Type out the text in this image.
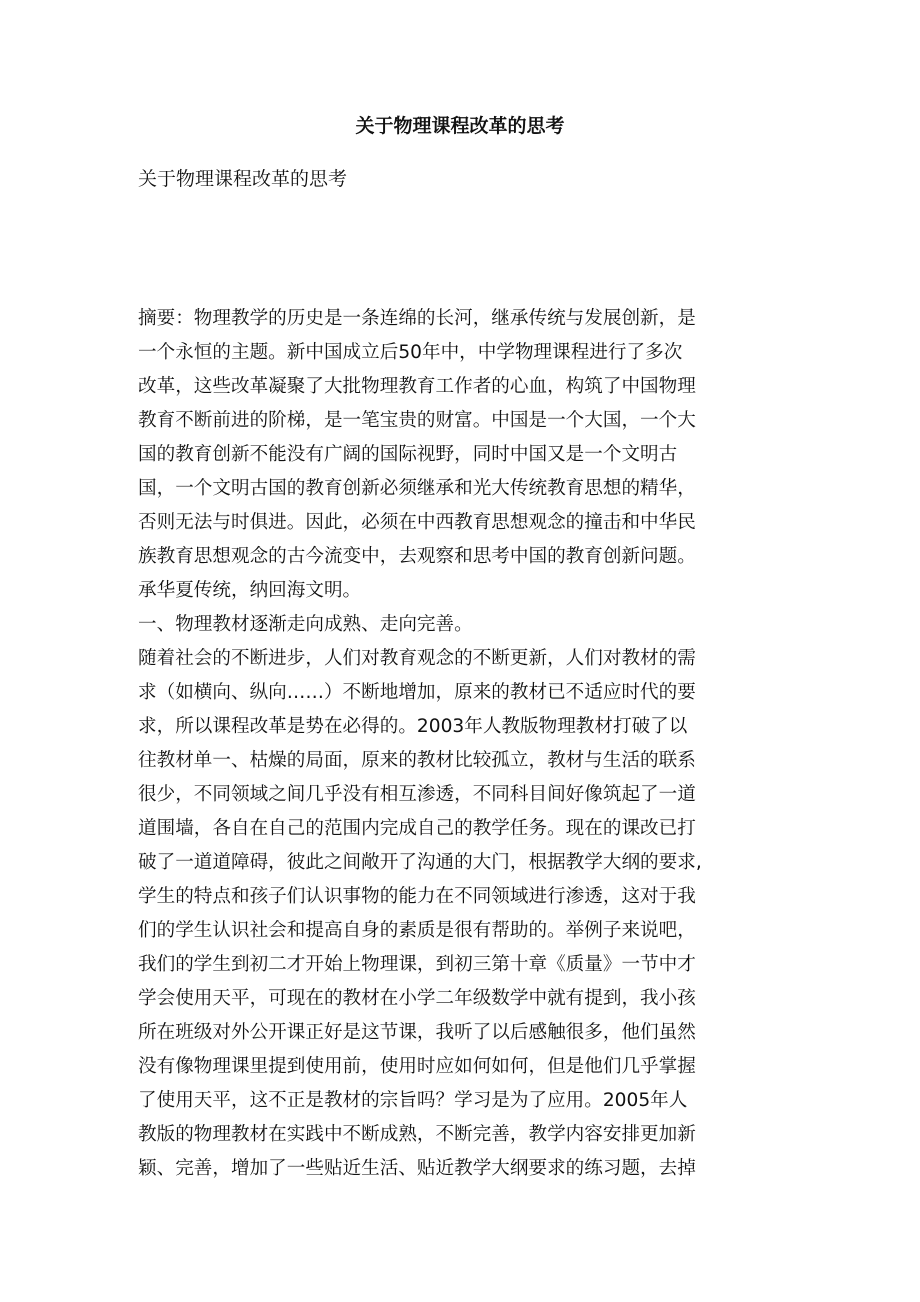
关于物理课程改革的思考
关于物理课程改革的思考
摘要：物理教学的历史是一条连绵的长河，继承传统与发展创新，是
一个永恒的主题。新中国成立后50年中，中学物理课程进行了多次
改革，这些改革凝聚了大批物理教育工作者的心血，构筑了中国物理
教育不断前进的阶梯，是一笔宝贵的财富。中国是一个大国，一个大
国的教育创新不能没有广阔的国际视野，同时中国又是一个文明古
国，一个文明古国的教育创新必须继承和光大传统教育思想的精华，
否则无法与时俱进。因此，必须在中西教育思想观念的撞击和中华民
族教育思想观念的古今流变中，去观察和思考中国的教育创新问题。
承华夏传统，纳回海文明。
一、物理教材逐渐走向成熟、走向完善。
随着社会的不断进步，人们对教育观念的不断更新，人们对教材的需
求（如横向、纵向……）不断地增加，原来的教材已不适应时代的要
求，所以课程改革是势在必得的。2003年人教版物理教材打破了以
往教材单一、枯燥的局面，原来的教材比较孤立，教材与生活的联系
很少，不同领域之间几乎没有相互渗透，不同科目间好像筑起了一道
道围墙，各自在自己的范围内完成自己的教学任务。现在的课改已打
破了一道道障碍，彼此之间敞开了沟通的大门，根据教学大纲的要求,
学生的特点和孩子们认识事物的能力在不同领域进行渗透，这对于我
们的学生认识社会和提高自身的素质是很有帮助的。举例子来说吧，
我们的学生到初二才开始上物理课，到初三第十章《质量》一节中才
学会使用天平，可现在的教材在小学二年级数学中就有提到，我小孩
所在班级对外公开课正好是这节课，我听了以后感触很多，他们虽然
没有像物理课里提到使用前，使用时应如何如何，但是他们几乎掌握
了使用天平，这不正是教材的宗旨吗？学习是为了应用。2005年人
教版的物理教材在实践中不断成熟，不断完善，教学内容安排更加新
颖、完善，增加了一些贴近生活、贴近教学大纲要求的练习题，去掉
